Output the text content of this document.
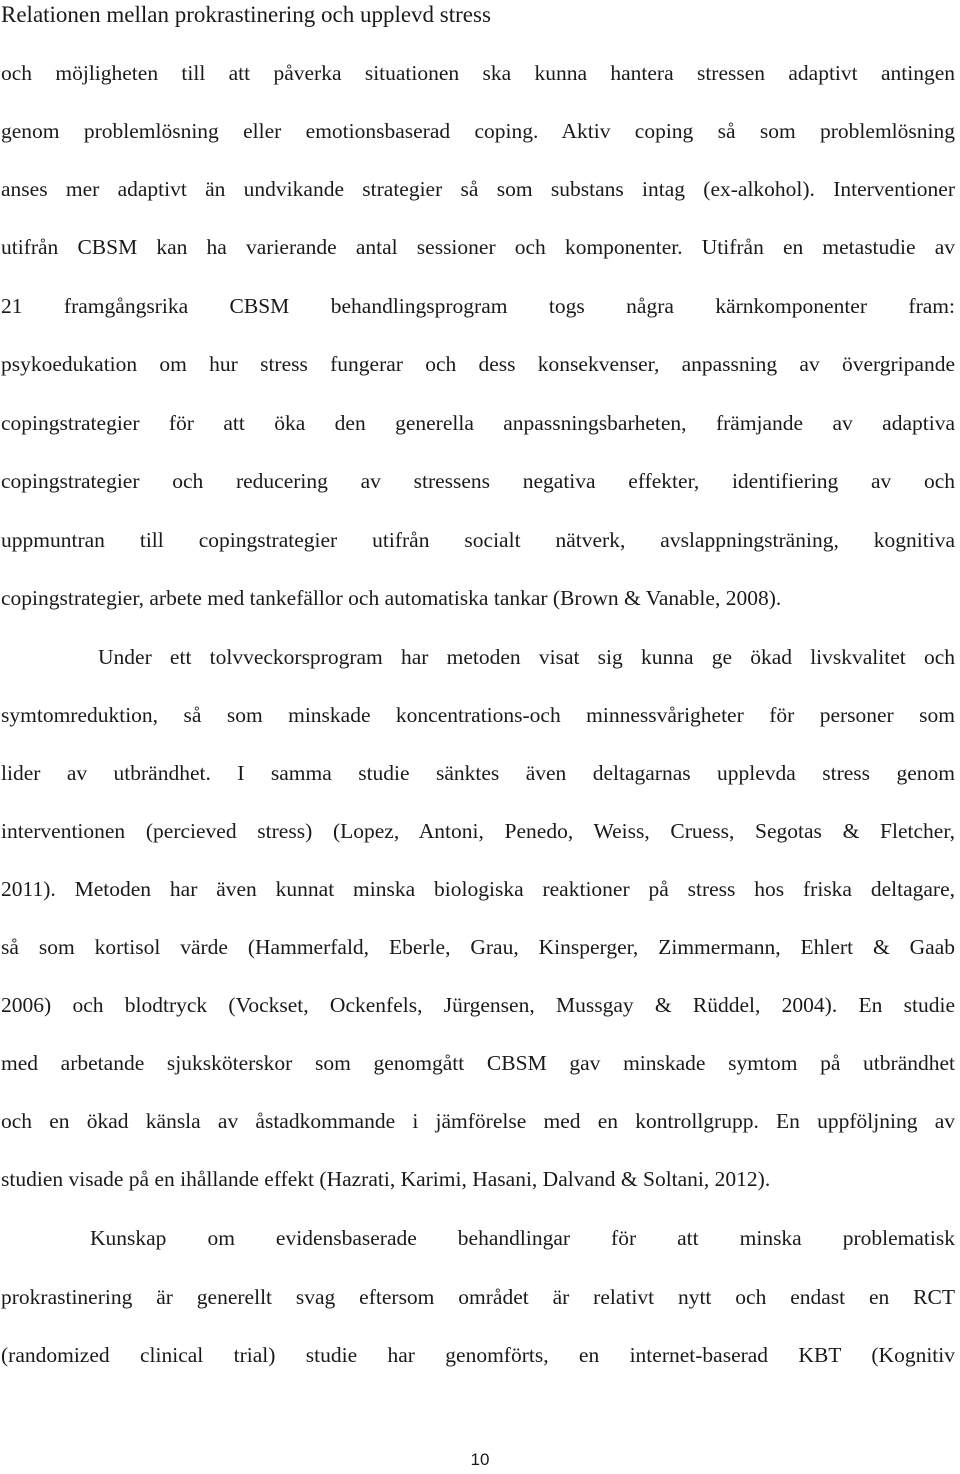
Relationen mellan prokrastinering och upplevd stress
och möjligheten till att påverka situationen ska kunna hantera stressen adaptivt antingen
genom problemlösning eller emotionsbaserad coping. Aktiv coping så som problemlösning
anses mer adaptivt än undvikande strategier så som substans intag (ex-alkohol). Interventioner
utifrån CBSM kan ha varierande antal sessioner och komponenter. Utifrån en metastudie av
21 framgångsrika CBSM behandlingsprogram togs några kärnkomponenter fram:
psykoedukation om hur stress fungerar och dess konsekvenser, anpassning av övergripande
copingstrategier för att öka den generella anpassningsbarheten, främjande av adaptiva
copingstrategier och reducering av stressens negativa effekter, identifiering av och
uppmuntran till copingstrategier utifrån socialt nätverk, avslappningsträning, kognitiva
copingstrategier, arbete med tankefällor och automatiska tankar (Brown & Vanable, 2008).
Under ett tolvveckorsprogram har metoden visat sig kunna ge ökad livskvalitet och
symtomreduktion, så som minskade koncentrations-och minnessvårigheter för personer som
lider av utbrändhet. I samma studie sänktes även deltagarnas upplevda stress genom
interventionen (percieved stress) (Lopez, Antoni, Penedo, Weiss, Cruess, Segotas & Fletcher,
2011). Metoden har även kunnat minska biologiska reaktioner på stress hos friska deltagare,
så som kortisol värde (Hammerfald, Eberle, Grau, Kinsperger, Zimmermann, Ehlert & Gaab
2006) och blodtryck (Vockset, Ockenfels, Jürgensen, Mussgay & Rüddel, 2004). En studie
med arbetande sjuksköterskor som genomgått CBSM gav minskade symtom på utbrändhet
och en ökad känsla av åstadkommande i jämförelse med en kontrollgrupp. En uppföljning av
studien visade på en ihållande effekt (Hazrati, Karimi, Hasani, Dalvand & Soltani, 2012).
Kunskap om evidensbaserade behandlingar för att minska problematisk
prokrastinering är generellt svag eftersom området är relativt nytt och endast en RCT
(randomized clinical trial) studie har genomförts, en internet-baserad KBT (Kognitiv
10
